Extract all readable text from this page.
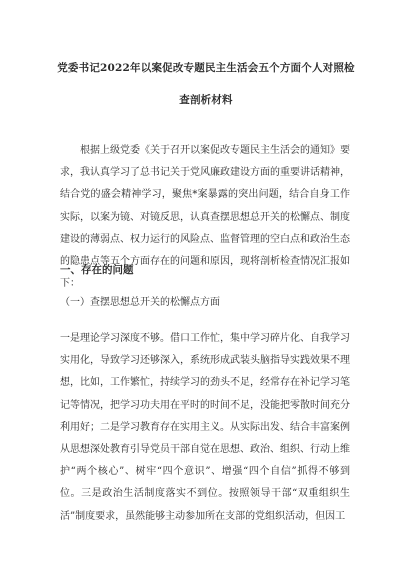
党委书记2022年以案促改专题民主生活会五个方面个人对照检查剖析材料
根据上级党委《关于召开以案促改专题民主生活会的通知》要求，我认真学习了总书记关于党风廉政建设方面的重要讲话精神，结合党的盛会精神学习，聚焦*案暴露的突出问题，结合自身工作实际，以案为镜、对镜反思，认真查摆思想总开关的松懈点、制度建设的薄弱点、权力运行的风险点、监督管理的空白点和政治生态的隐患点等五个方面存在的问题和原因，现将剖析检查情况汇报如下：
一、存在的问题
（一）查摆思想总开关的松懈点方面
一是理论学习深度不够。借口工作忙，集中学习碎片化、自我学习实用化，导致学习还够深入，系统形成武装头脑指导实践效果不理想，比如，工作繁忙，持续学习的劲头不足，经常存在补记学习笔记等情况，把学习功夫用在平时的时间不足，没能把零散时间充分利用好；二是学习教育存在实用主义。从实际出发、结合丰富案例从思想深处教育引导党员干部自觉在思想、政治、组织、行动上维护“两个核心”、树牢“四个意识”、增强“四个自信”抓得不够到位。三是政治生活制度落实不到位。按照领导干部“双重组织生活”制度要求，虽然能够主动参加所在支部的党组织活动，但因工
